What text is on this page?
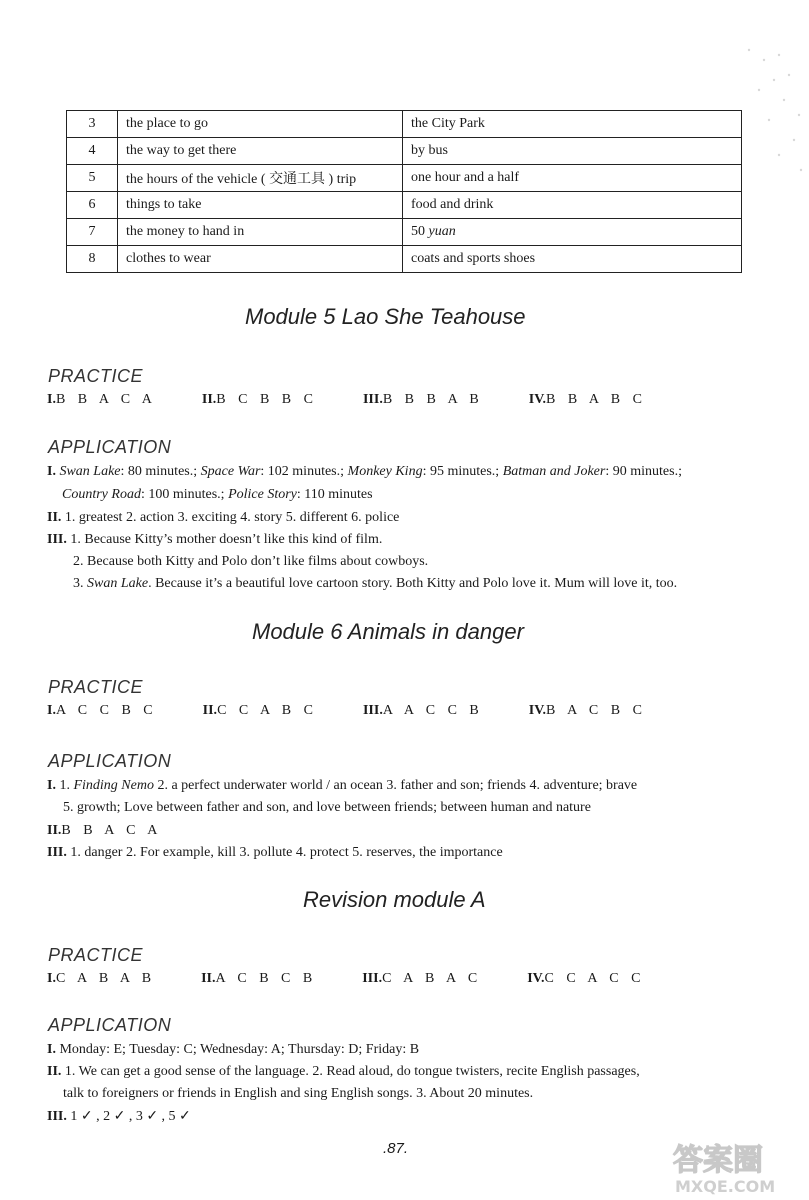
3	the place to go	the City Park
4	the way to get there	by bus
5	the hours of the vehicle ( 交通工具 ) trip	one hour and a half
6	things to take	food and drink
7	the money to hand in	50 yuan
8	clothes to wear	coats and sports shoes
Module 5 Lao She Teahouse
PRACTICE
I.B B A C A	II.B C B B C	III.B B B A B	IV.B B A B C
APPLICATION
I. Swan Lake: 80 minutes.; Space War: 102 minutes.; Monkey King: 95 minutes.; Batman and Joker: 90 minutes.;
Country Road: 100 minutes.; Police Story: 110 minutes
II. 1. greatest 2. action 3. exciting 4. story 5. different 6. police
III. 1. Because Kitty’s mother doesn’t like this kind of film.
2. Because both Kitty and Polo don’t like films about cowboys.
3. Swan Lake. Because it’s a beautiful love cartoon story. Both Kitty and Polo love it. Mum will love it, too.
Module 6 Animals in danger
PRACTICE
I.A C C B C	II.C C A B C	III.A A C C B	IV.B A C B C
APPLICATION
I. 1. Finding Nemo 2. a perfect underwater world / an ocean 3. father and son; friends 4. adventure; brave
5. growth; Love between father and son, and love between friends; between human and nature
II.B B A C A
III. 1. danger 2. For example, kill 3. pollute 4. protect 5. reserves, the importance
Revision module A
PRACTICE
I.C A B A B	II.A C B C B	III.C A B A C	IV.C C A C C
APPLICATION
I. Monday: E; Tuesday: C; Wednesday: A; Thursday: D; Friday: B
II. 1. We can get a good sense of the language. 2. Read aloud, do tongue twisters, recite English passages,
talk to foreigners or friends in English and sing English songs. 3. About 20 minutes.
III. 1 ✓ , 2 ✓ , 3 ✓ , 5 ✓
.87.	答案圈
MXQE.COM
